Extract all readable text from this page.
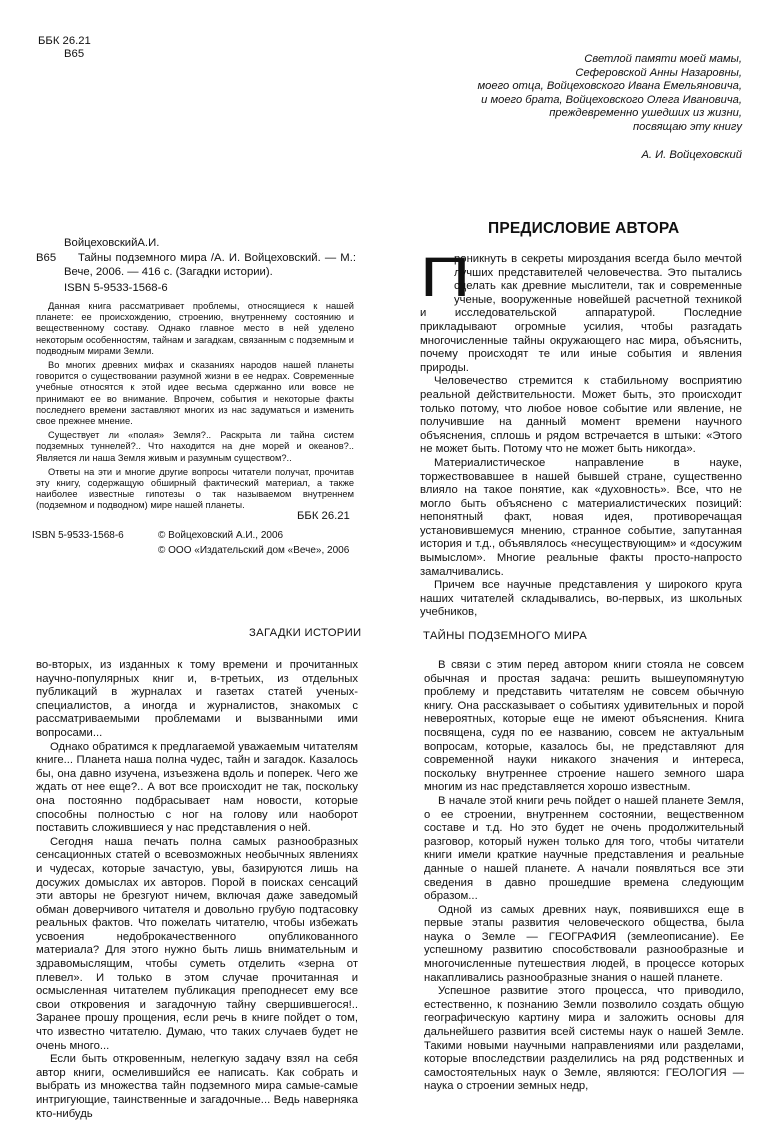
ББК 26.21
В65	Светлой памяти моей мамы,
Сеферовской Анны Назаровны,
моего отца, Войцеховского Ивана Емельяновича,
и моего брата, Войцеховского Олега Ивановича,
преждевременно ушедших из жизни,
посвящаю эту книгу
А. И. Войцеховский
ВойцеховскийА.И.
В65	Тайны подземного мира /А. И. Войцеховский. — М.:
Вече, 2006. — 416 с. (Загадки истории).
ISBN 5-9533-1568-6

Данная книга рассматривает проблемы, относящиеся к нашей планете: ее происхождению, строению, внутреннему состоянию и вещественному составу. Однако главное место в ней уделено некоторым особенностям, тайнам и загадкам, связанным с подземным и подводным мирами Земли.

Во многих древних мифах и сказаниях народов нашей планеты говорится о существовании разумной жизни в ее недрах. Современные учебные относятся к этой идее весьма сдержанно или вовсе не принимают ее во внимание. Впрочем, события и некоторые факты последнего времени заставляют многих из нас задуматься и изменить свое прежнее мнение.

Существует ли «полая» Земля?.. Раскрыта ли тайна систем подземных туннелей?.. Что находится на дне морей и океанов?.. Является ли наша Земля живым и разумным существом?..

Ответы на эти и многие другие вопросы читатели получат, прочитав эту книгу, содержащую обширный фактический материал, а также наиболее известные гипотезы о так называемом внутреннем (подземном и подводном) мире нашей планеты.

ББК 26.21
ISBN 5-9533-1568-6	© Войцеховский А.И., 2006
© ООО «Издательский дом «Вече», 2006
ПРЕДИСЛОВИЕ АВТОРА

П
роникнуть в секреты мироздания всегда было мечтой лучших представителей человечества. Это пытались сделать как древние мыслители, так и современные ученые, вооруженные новейшей расчетной техникой и исследовательской аппаратурой. Последние прикладывают огромные усилия, чтобы разгадать многочисленные тайны окружающего нас мира, объяснить, почему происходят те или иные события и явления природы.

Человечество стремится к стабильному восприятию реальной действительности. Может быть, это происходит только потому, что любое новое событие или явление, не получившие на данный момент времени научного объяснения, сплошь и рядом встречается в штыки: «Этого не может быть. Потому что не может быть никогда».

Материалистическое направление в науке, торжествовавшее в нашей бывшей стране, существенно влияло на такое понятие, как «духовность». Все, что не могло быть объяснено с материалистических позиций: непонятный факт, новая идея, противоречащая установившемуся мнению, странное событие, запутанная история и т.д., объявлялось «несуществующим» и «досужим вымыслом». Многие реальные факты просто-напросто замалчивались.

Причем все научные представления у широкого круга наших читателей складывались, во-первых, из школьных учебников,

ЗАГАДКИ ИСТОРИИ

во-вторых, из изданных к тому времени и прочитанных научно-популярных книг и, в-третьих, из отдельных публикаций в журналах и газетах статей ученых-специалистов, а иногда и журналистов, знакомых с рассматриваемыми проблемами и вызванными ими вопросами...

Однако обратимся к предлагаемой уважаемым читателям книге... Планета наша полна чудес, тайн и загадок. Казалось бы, она давно изучена, изъезжена вдоль и поперек. Чего же ждать от нее еще?.. А вот все происходит не так, поскольку она постоянно подбрасывает нам новости, которые способны полностью с ног на голову или наоборот поставить сложившиеся у нас представления о ней.

Сегодня наша печать полна самых разнообразных сенсационных статей о всевозможных необычных явлениях и чудесах, которые зачастую, увы, базируются лишь на досужих домыслах их авторов. Порой в поисках сенсаций эти авторы не брезгуют ничем, включая даже заведомый обман доверчивого читателя и довольно грубую подтасовку реальных фактов. Что пожелать читателю, чтобы избежать усвоения недоброкачественного опубликованного материала? Для этого нужно быть лишь внимательным и здравомыслящим, чтобы суметь отделить «зерна от плевел». И только в этом случае прочитанная и осмысленная читателем публикация преподнесет ему все свои откровения и загадочную тайну свершившегося!.. Заранее прошу прощения, если речь в книге пойдет о том, что известно читателю. Думаю, что таких случаев будет не очень много...

Если быть откровенным, нелегкую задачу взял на себя автор книги, осмелившийся ее написать. Как собрать и выбрать из множества тайн подземного мира самые-самые интригующие, таинственные и загадочные... Ведь наверняка кто-нибудь

ТАЙНЫ ПОДЗЕМНОГО МИРА

В связи с этим перед автором книги стояла не совсем обычная и простая задача: решить вышеупомянутую проблему и представить читателям не совсем обычную книгу. Она рассказывает о событиях удивительных и порой невероятных, которые еще не имеют объяснения. Книга посвящена, судя по ее названию, совсем не актуальным вопросам, которые, казалось бы, не представляют для современной науки никакого значения и интереса, поскольку внутреннее строение нашего земного шара многим из нас представляется хорошо известным.

В начале этой книги речь пойдет о нашей планете Земля, о ее строении, внутреннем состоянии, вещественном составе и т.д. Но это будет не очень продолжительный разговор, который нужен только для того, чтобы читатели книги имели краткие научные представления и реальные данные о нашей планете. А начали появляться все эти сведения в давно прошедшие времена следующим образом...

Одной из самых древних наук, появившихся еще в первые этапы развития человеческого общества, была наука о Земле — ГЕОГРАФИЯ (землеописание). Ее успешному развитию способствовали разнообразные и многочисленные путешествия людей, в процессе которых накапливались разнообразные знания о нашей планете.

Успешное развитие этого процесса, что приводило, естественно, к познанию Земли позволило создать общую географическую картину мира и заложить основы для дальнейшего развития всей системы наук о нашей Земле. Такими новыми научными направлениями или разделами, которые впоследствии разделились на ряд родственных и самостоятельных наук о Земле, являются: ГЕОЛОГИЯ —наука о строении земных недр,
